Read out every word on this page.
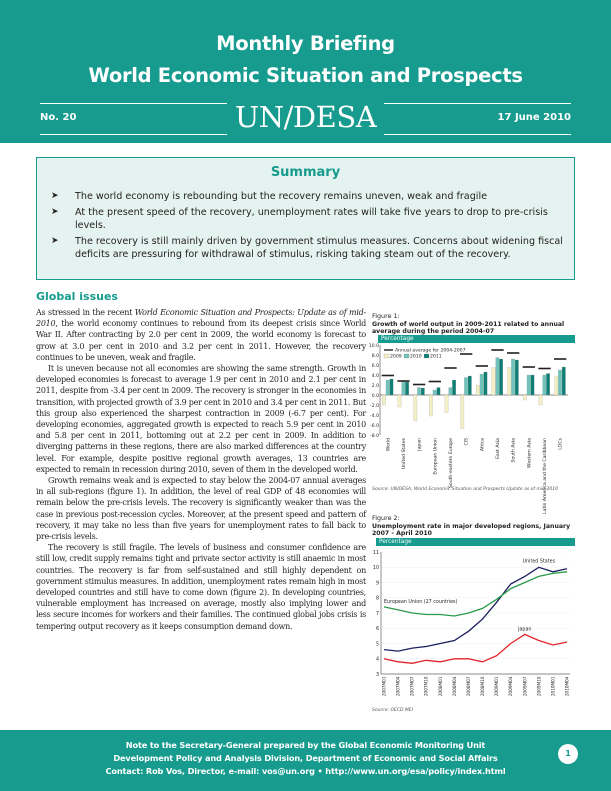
Monthly Briefing
World Economic Situation and Prospects
No. 20	UN/DESA	17 June 2010
Summary
➤ The world economy is rebounding but the recovery remains uneven, weak and fragile
➤ At the present speed of the recovery, unemployment rates will take five years to drop to pre-crisis levels.
➤ The recovery is still mainly driven by government stimulus measures. Concerns about widening fiscal deficits are pressuring for withdrawal of stimulus, risking taking steam out of the recovery.
Global issues

As stressed in the recent World Economic Situation and Prospects: Update as of mid-2010, the world economy continues to rebound from its deepest crisis since World War II. After contracting by 2.0 per cent in 2009, the world economy is forecast to grow at 3.0 per cent in 2010 and 3.2 per cent in 2011. However, the recovery continues to be uneven, weak and fragile.

It is uneven because not all economies are showing the same strength. Growth in developed economies is forecast to average 1.9 per cent in 2010 and 2.1 per cent in 2011, despite from -3.4 per cent in 2009. The recovery is stronger in the economies in transition, with projected growth of 3.9 per cent in 2010 and 3.4 per cent in 2011. But this group also experienced the sharpest contraction in 2009 (-6.7 per cent). For developing economies, aggregated growth is expected to reach 5.9 per cent in 2010 and 5.8 per cent in 2011, bottoming out at 2.2 per cent in 2009. In addition to diverging patterns in these regions, there are also marked differences at the country level. For example, despite positive regional growth averages, 13 countries are expected to remain in recession during 2010, seven of them in the developed world.

Growth remains weak and is expected to stay below the 2004-07 annual averages in all sub-regions (figure 1). In addition, the level of real GDP of 48 economies will remain below the pre-crisis levels. The recovery is significantly weaker than was the case in previous post-recession cycles. Moreover, at the present speed and pattern of recovery, it may take no less than five years for unemployment rates to fall back to pre-crisis levels.

The recovery is still fragile. The levels of business and consumer confidence are still low, credit supply remains tight and private sector activity is still anaemic in most countries. The recovery is far from self-sustained and still highly dependent on government stimulus measures. In addition, unemployment rates remain high in most developed countries and still have to come down (figure 2). In developing countries, vulnerable employment has increased on average, mostly also implying lower and less secure incomes for workers and their families. The continued global jobs crisis is tempering output recovery as it keeps consumption demand down.

Figure 1:
Growth of world output in 2009-2011 related to annual average during the period 2004-07
Percentage
10.0
8.0
6.0
4.0
2.0
0.0
-2.0
-4.0
-6.0
-8.0
Annual average for 2004-2007
2009 2010 2011
World United States Japan European Union South-eastern Europe CIS Africa East Asia South Asia Western Asia Latin America and the Caribbean LDCs
Source: UN/DESA, World Economic Situation and Prospects Update as of mid-2010
Figure 2:
Unemployment rate in major developed regions, January 2007 - April 2010
Percentage
11
10
9
8
7
6
5
4
3
2007M01 2007M04 2007M07 2007M10 2008M01 2008M04 2008M07 2008M10 2009M01 2009M04 2009M07 2009M10 2010M01 2010M04
United States
European Union (27 countries)
Japan
Source: OECD MEI
Note to the Secretary-General prepared by the Global Economic Monitoring Unit
Development Policy and Analysis Division, Department of Economic and Social Affairs
Contact: Rob Vos, Director, e-mail: vos@un.org • http://www.un.org/esa/policy/index.html
1
